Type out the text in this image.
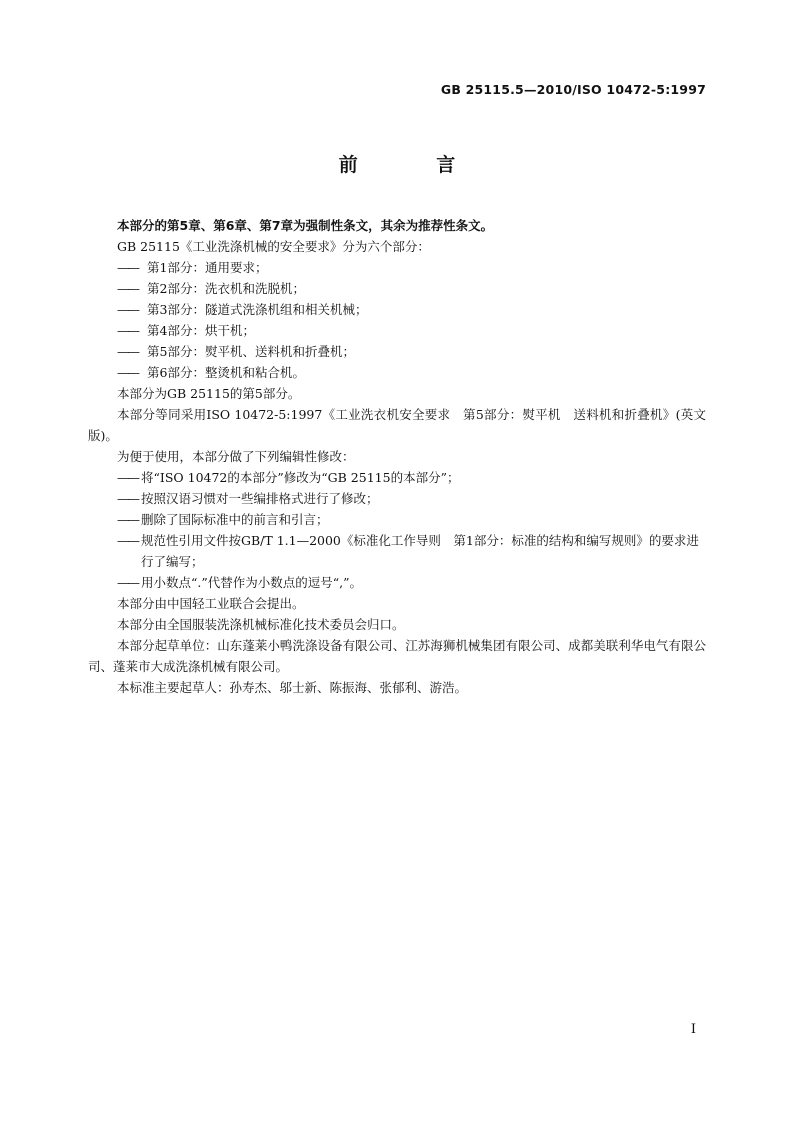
GB 25115.5—2010/ISO 10472-5:1997
前 言

本部分的第5章、第6章、第7章为强制性条文，其余为推荐性条文。

GB 25115《工业洗涤机械的安全要求》分为六个部分：

—— 第1部分：通用要求；

—— 第2部分：洗衣机和洗脱机；

—— 第3部分：隧道式洗涤机组和相关机械；

—— 第4部分：烘干机；

—— 第5部分：熨平机、送料机和折叠机；

—— 第6部分：整烫机和粘合机。

本部分为GB 25115的第5部分。

本部分等同采用ISO 10472-5:1997《工业洗衣机安全要求　第5部分：熨平机　送料机和折叠机》(英文版)。

为便于使用，本部分做了下列编辑性修改：

—— 将“ISO 10472的本部分”修改为“GB 25115的本部分”；

—— 按照汉语习惯对一些编排格式进行了修改；

—— 删除了国际标准中的前言和引言；

—— 规范性引用文件按GB/T 1.1—2000《标准化工作导则　第1部分：标准的结构和编写规则》的要求进行了编写；

—— 用小数点“.”代替作为小数点的逗号“,”。

本部分由中国轻工业联合会提出。

本部分由全国服装洗涤机械标准化技术委员会归口。

本部分起草单位：山东蓬莱小鸭洗涤设备有限公司、江苏海狮机械集团有限公司、成都美联利华电气有限公司、蓬莱市大成洗涤机械有限公司。

本标准主要起草人：孙寿杰、邬士新、陈振海、张郁利、游浩。

I
